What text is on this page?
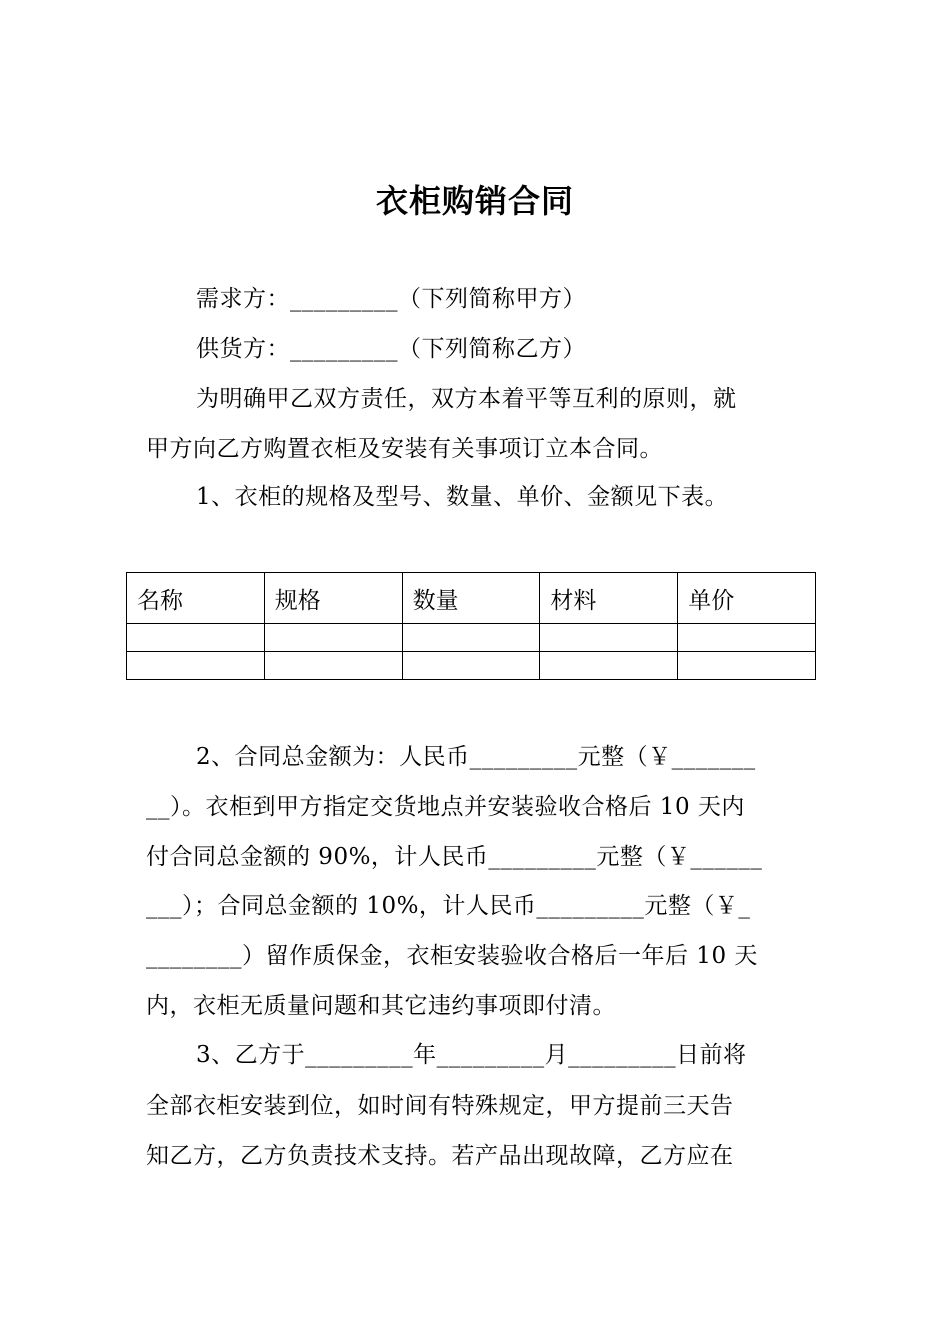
衣柜购销合同
需求方：_________（下列简称甲方）
供货方：_________（下列简称乙方）
为明确甲乙双方责任，双方本着平等互利的原则，就
甲方向乙方购置衣柜及安装有关事项订立本合同。
1、衣柜的规格及型号、数量、单价、金额见下表。
名称	规格	数量	材料	单价

2、合同总金额为：人民币_________元整（￥_______
__）。衣柜到甲方指定交货地点并安装验收合格后 10 天内
付合同总金额的 90%，计人民币_________元整（￥______
___）；合同总金额的 10%，计人民币_________元整（￥_
________）留作质保金，衣柜安装验收合格后一年后 10 天
内，衣柜无质量问题和其它违约事项即付清。
3、乙方于_________年_________月_________日前将
全部衣柜安装到位，如时间有特殊规定，甲方提前三天告
知乙方，乙方负责技术支持。若产品出现故障，乙方应在
